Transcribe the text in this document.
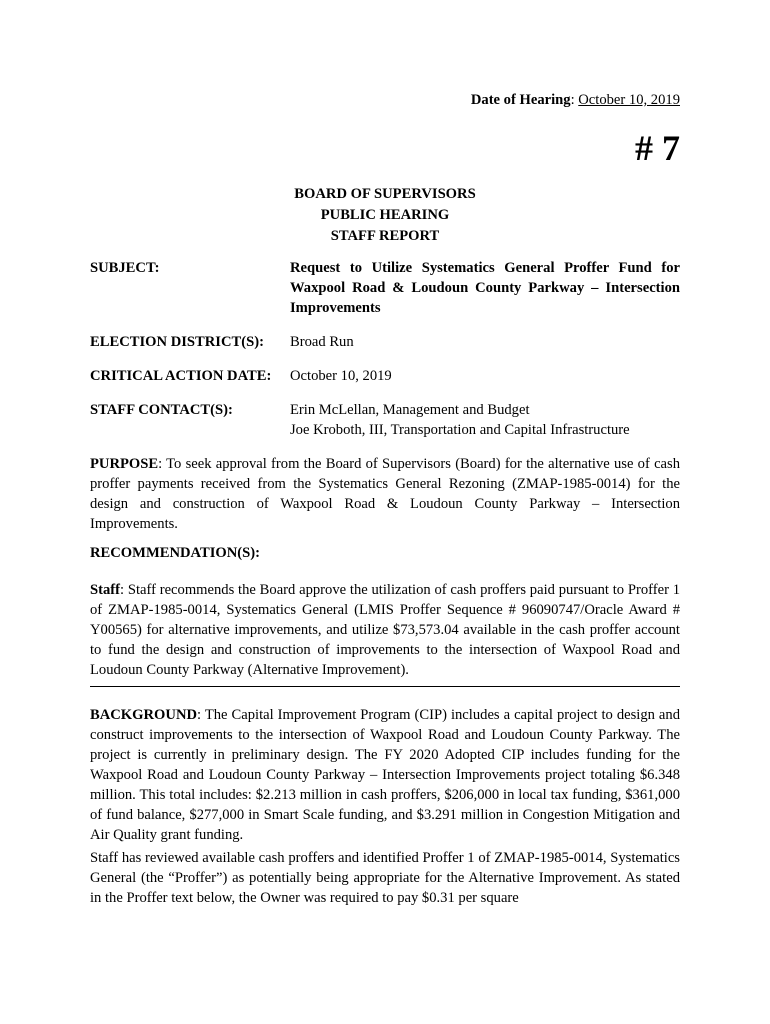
Date of Hearing: October 10, 2019
# 7
BOARD OF SUPERVISORS
PUBLIC HEARING
STAFF REPORT
SUBJECT:	Request to Utilize Systematics General Proffer Fund for Waxpool Road & Loudoun County Parkway – Intersection Improvements
ELECTION DISTRICT(S): Broad Run
CRITICAL ACTION DATE: October 10, 2019
STAFF CONTACT(S):	Erin McLellan, Management and Budget
Joe Kroboth, III, Transportation and Capital Infrastructure
PURPOSE: To seek approval from the Board of Supervisors (Board) for the alternative use of cash proffer payments received from the Systematics General Rezoning (ZMAP-1985-0014) for the design and construction of Waxpool Road & Loudoun County Parkway – Intersection Improvements.
RECOMMENDATION(S):
Staff: Staff recommends the Board approve the utilization of cash proffers paid pursuant to Proffer 1 of ZMAP-1985-0014, Systematics General (LMIS Proffer Sequence # 96090747/Oracle Award # Y00565) for alternative improvements, and utilize $73,573.04 available in the cash proffer account to fund the design and construction of improvements to the intersection of Waxpool Road and Loudoun County Parkway (Alternative Improvement).
BACKGROUND: The Capital Improvement Program (CIP) includes a capital project to design and construct improvements to the intersection of Waxpool Road and Loudoun County Parkway. The project is currently in preliminary design. The FY 2020 Adopted CIP includes funding for the Waxpool Road and Loudoun County Parkway – Intersection Improvements project totaling $6.348 million. This total includes: $2.213 million in cash proffers, $206,000 in local tax funding, $361,000 of fund balance, $277,000 in Smart Scale funding, and $3.291 million in Congestion Mitigation and Air Quality grant funding.
Staff has reviewed available cash proffers and identified Proffer 1 of ZMAP-1985-0014, Systematics General (the “Proffer”) as potentially being appropriate for the Alternative Improvement. As stated in the Proffer text below, the Owner was required to pay $0.31 per square
